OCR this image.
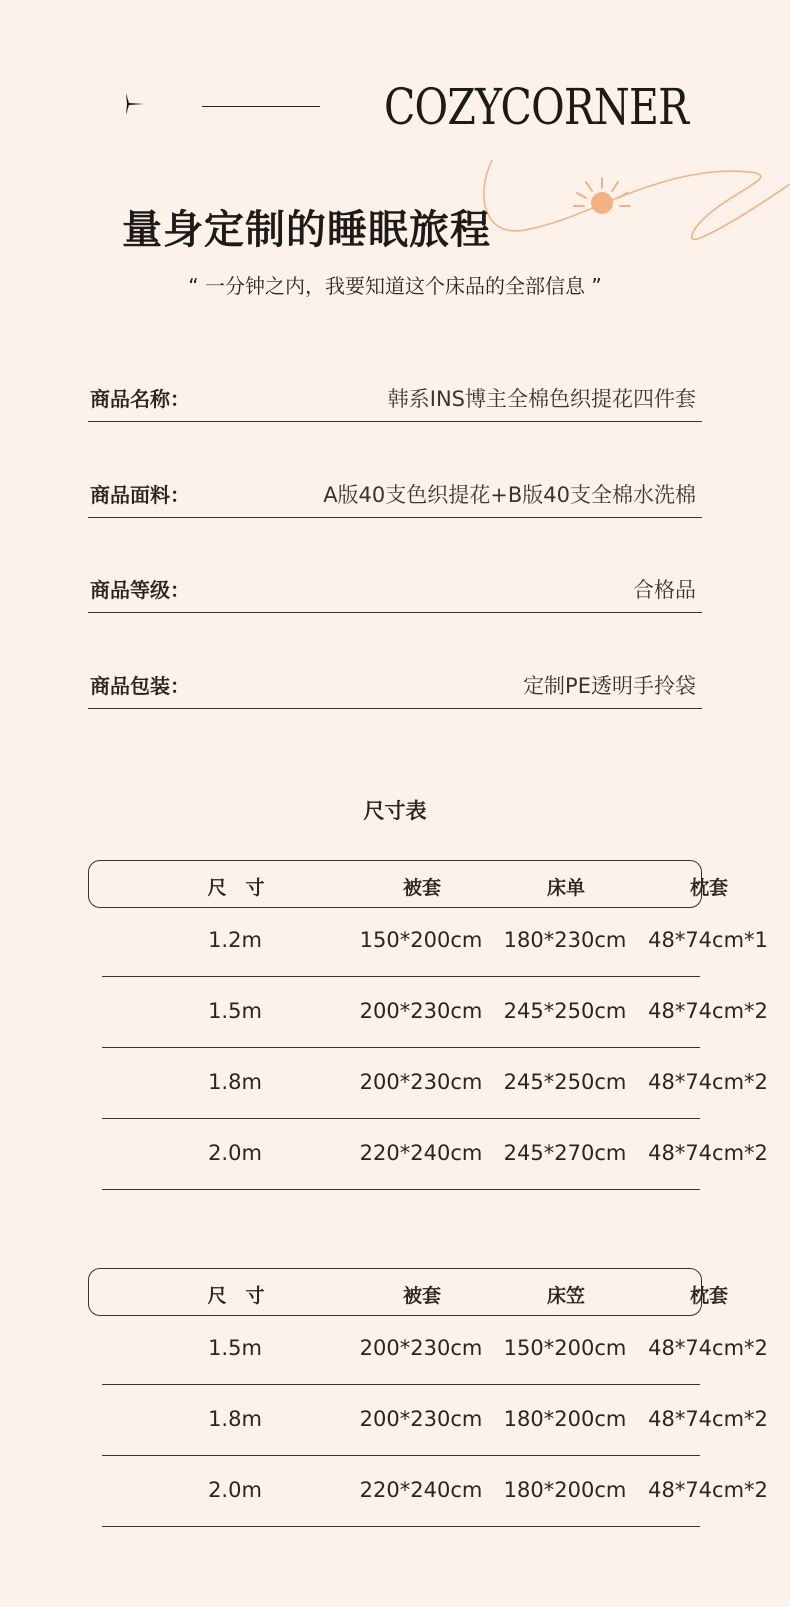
COZYCORNER
量身定制的睡眠旅程
“ 一分钟之内，我要知道这个床品的全部信息 ”
商品名称：	韩系INS博主全棉色织提花四件套
商品面料：	A版40支色织提花+B版40支全棉水洗棉
商品等级：	合格品
商品包装：	定制PE透明手拎袋
尺寸表
尺　寸	被套	床单	枕套
1.2m	150*200cm 180*230cm 48*74cm*1
1.5m	200*230cm 245*250cm 48*74cm*2
1.8m	200*230cm 245*250cm 48*74cm*2
2.0m	220*240cm 245*270cm 48*74cm*2
尺　寸	被套	床笠	枕套
1.5m	200*230cm 150*200cm 48*74cm*2
1.8m	200*230cm 180*200cm 48*74cm*2
2.0m	220*240cm 180*200cm 48*74cm*2
